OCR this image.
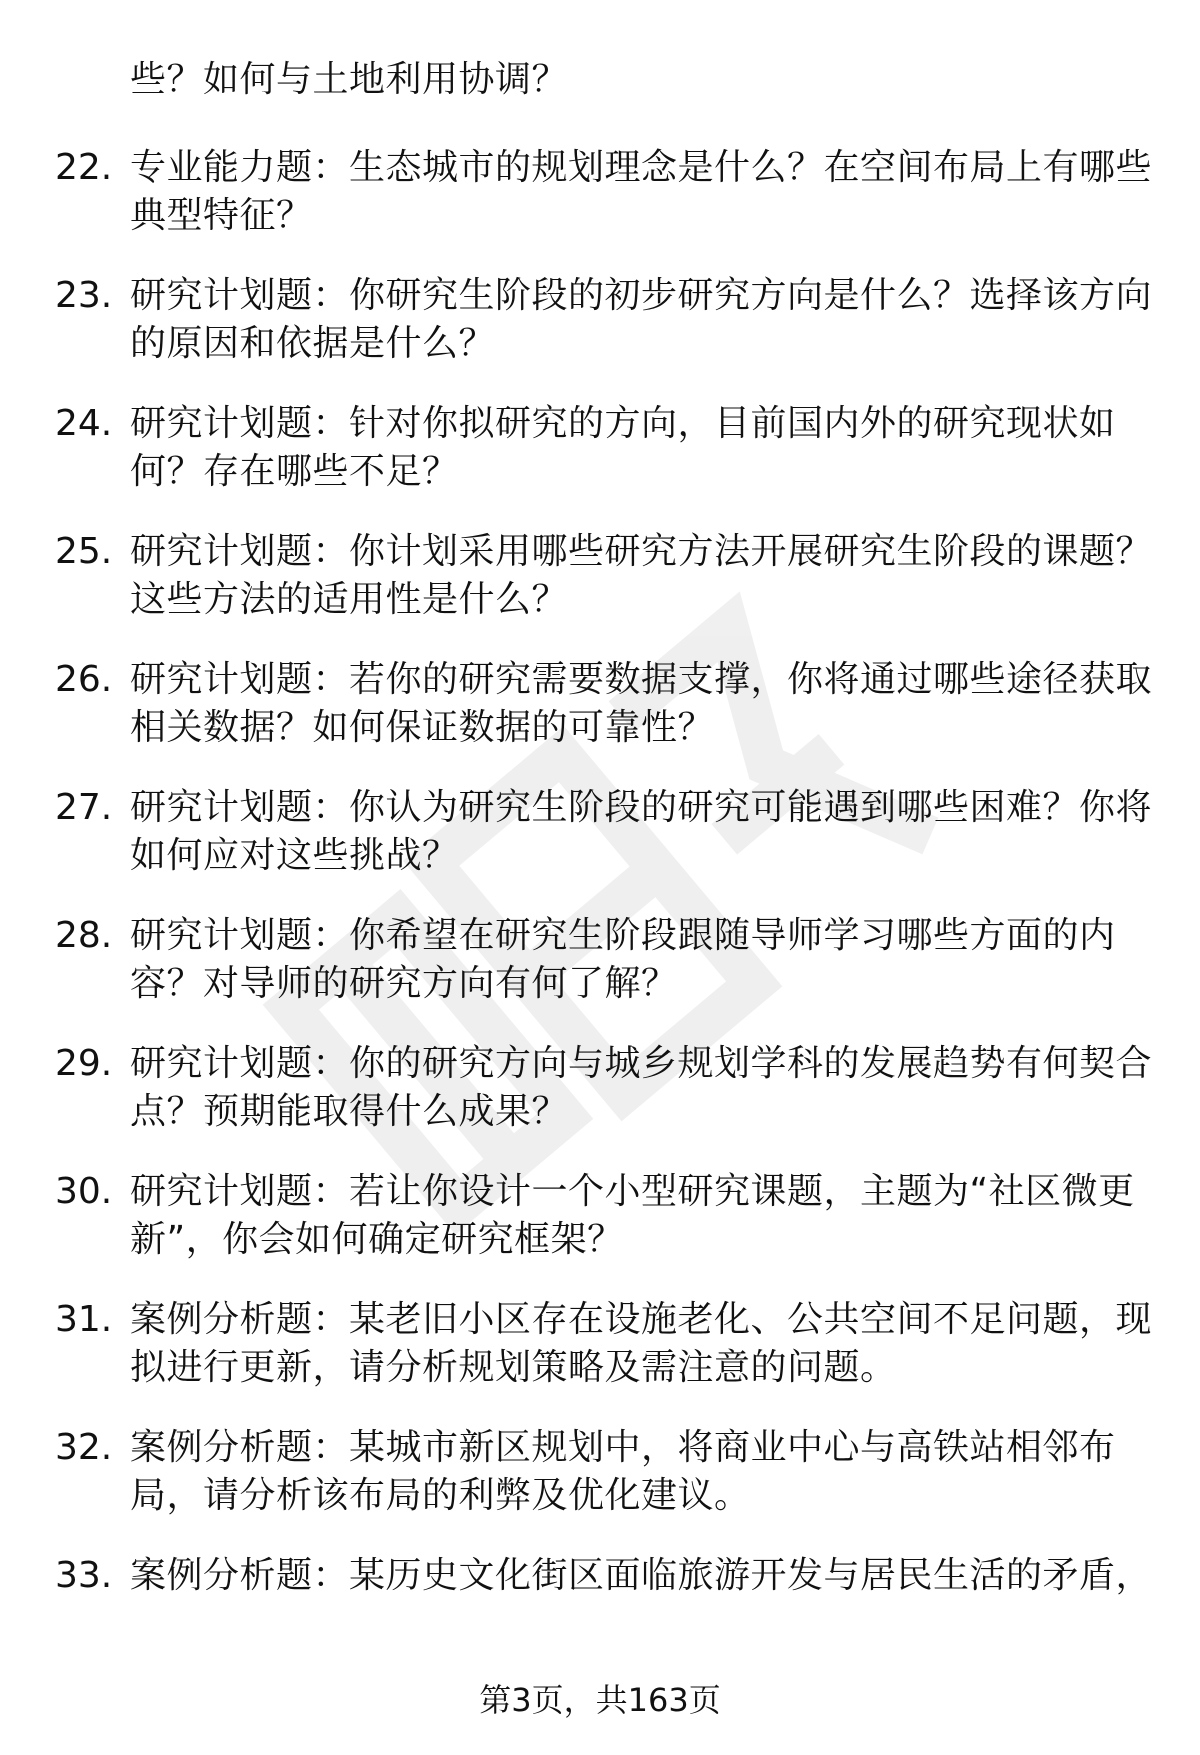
些？如何与土地利用协调？
22. 专业能力题：生态城市的规划理念是什么？在空间布局上有哪些
典型特征？
23. 研究计划题：你研究生阶段的初步研究方向是什么？选择该方向
的原因和依据是什么？
24. 研究计划题：针对你拟研究的方向，目前国内外的研究现状如
何？存在哪些不足？
25. 研究计划题：你计划采用哪些研究方法开展研究生阶段的课题？
这些方法的适用性是什么？
26. 研究计划题：若你的研究需要数据支撑，你将通过哪些途径获取
相关数据？如何保证数据的可靠性？
27. 研究计划题：你认为研究生阶段的研究可能遇到哪些困难？你将
如何应对这些挑战？
28. 研究计划题：你希望在研究生阶段跟随导师学习哪些方面的内
容？对导师的研究方向有何了解？
29. 研究计划题：你的研究方向与城乡规划学科的发展趋势有何契合
点？预期能取得什么成果？
30. 研究计划题：若让你设计一个小型研究课题，主题为“社区微更
新”，你会如何确定研究框架？
31. 案例分析题：某老旧小区存在设施老化、公共空间不足问题，现
拟进行更新，请分析规划策略及需注意的问题。
32. 案例分析题：某城市新区规划中，将商业中心与高铁站相邻布
局，请分析该布局的利弊及优化建议。
33. 案例分析题：某历史文化街区面临旅游开发与居民生活的矛盾，
第3页，共163页
